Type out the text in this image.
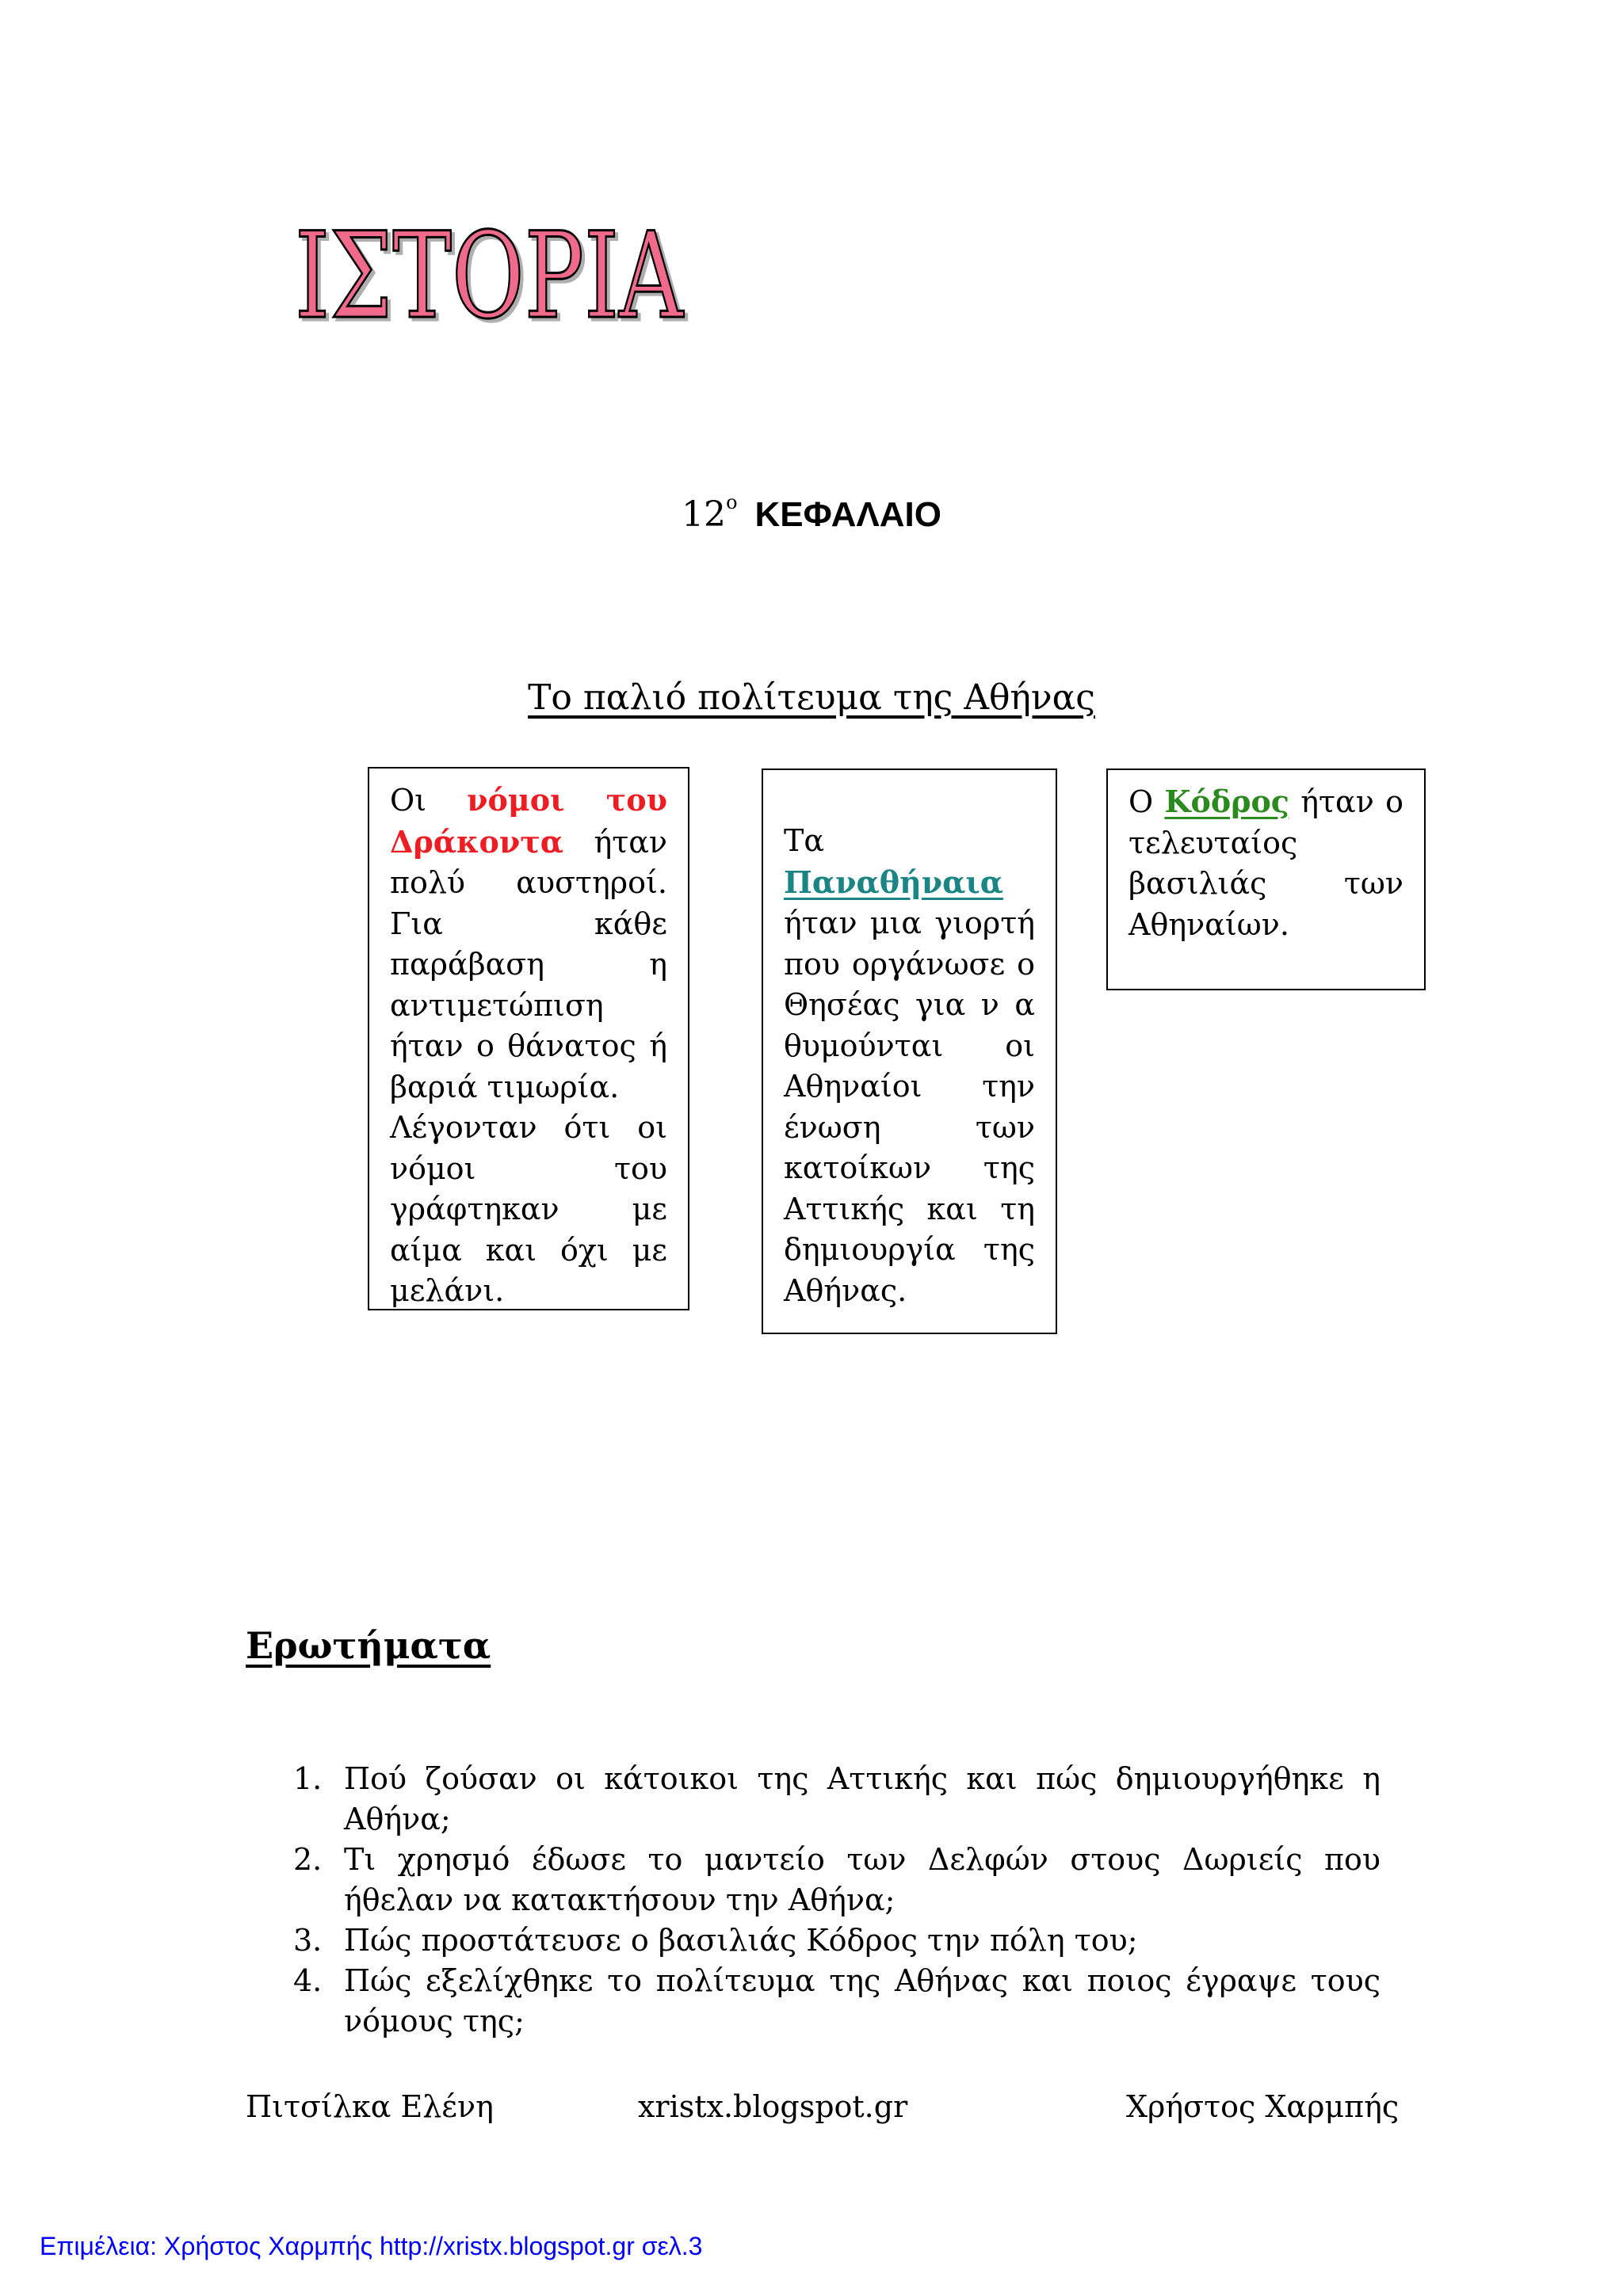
ΙΣΤΟΡΙΑ
$12^o$ ΚΕΦΑΛΑΙΟ
Το παλιό πολίτευμα της Αθήνας

Οι νόμοι του Δράκοντα ήταν πολύ αυστηροί. Για κάθε παράβαση η αντιμετώπιση ήταν ο θάνατος ή βαριά τιμωρία.

Λέγονταν ότι οι νόμοι του γράφτηκαν με αίμα και όχι με μελάνι.

Τα Παναθήναια ήταν μια γιορτή που οργάνωσε ο Θησέας για ν α θυμούνται οι Αθηναίοι την ένωση των κατοίκων της Αττικής και τη δημιουργία της Αθήνας.

Ο Κόδρος ήταν ο τελευταίος βασιλιάς των Αθηναίων.

Ερωτήματα
1. Πού ζούσαν οι κάτοικοι της Αττικής και πώς δημιουργήθηκε η Αθήνα;
2. Τι χρησμό έδωσε το μαντείο των Δελφών στους Δωριείς που ήθελαν να κατακτήσουν την Αθήνα;
3. Πώς προστάτευσε ο βασιλιάς Κόδρος την πόλη του;
4. Πώς εξελίχθηκε το πολίτευμα της Αθήνας και ποιος έγραψε τους νόμους της;
Πιτσίλκα Ελένη	xristx.blogspot.gr	Χρήστος Χαρμπής
Επιμέλεια: Χρήστος Χαρμπής http://xristx.blogspot.gr σελ.3
